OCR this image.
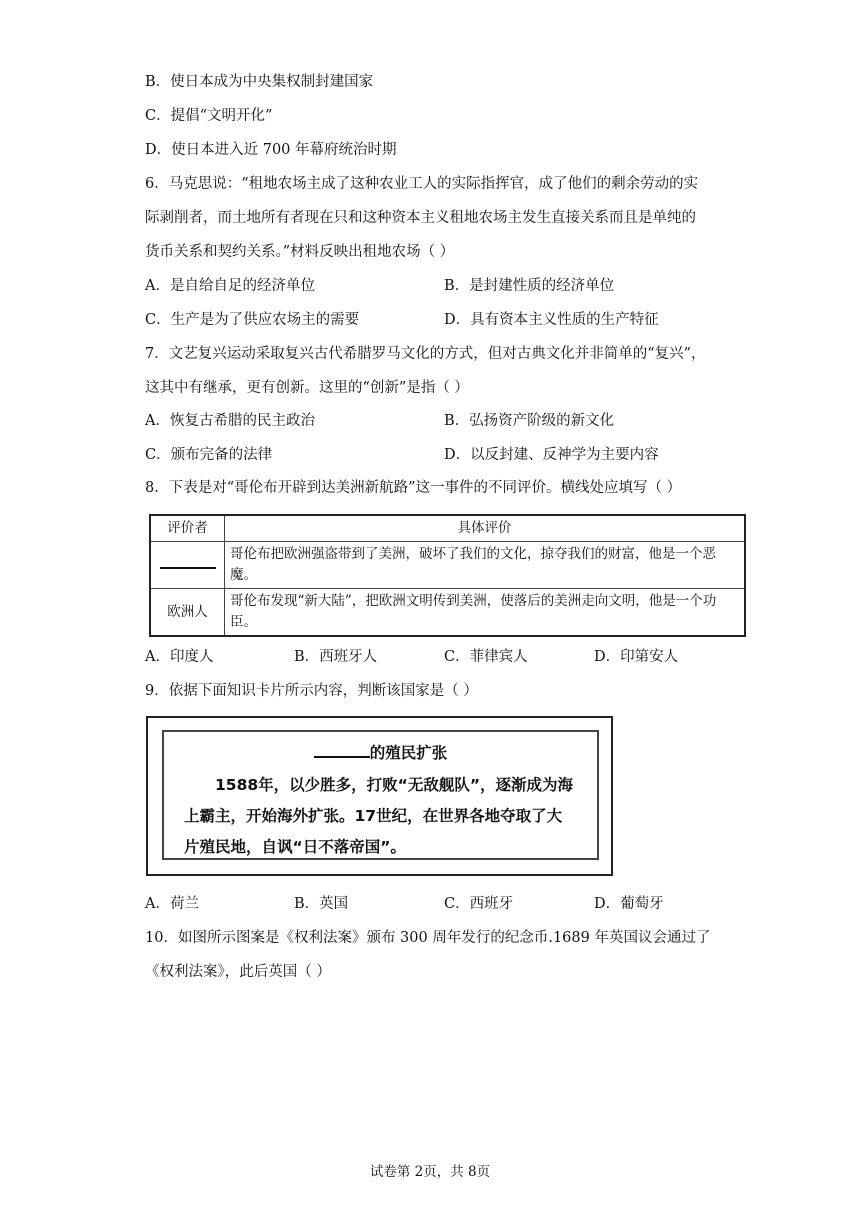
B．使日本成为中央集权制封建国家
C．提倡“文明开化”
D．使日本进入近 700 年幕府统治时期
6．马克思说：“租地农场主成了这种农业工人的实际指挥官，成了他们的剩余劳动的实
际剥削者，而土地所有者现在只和这种资本主义租地农场主发生直接关系而且是单纯的
货币关系和契约关系。”材料反映出租地农场（ ）
A．是自给自足的经济单位	B．是封建性质的经济单位
C．生产是为了供应农场主的需要	D．具有资本主义性质的生产特征
7．文艺复兴运动采取复兴古代希腊罗马文化的方式，但对古典文化并非简单的“复兴”，
这其中有继承，更有创新。这里的“创新”是指（ ）
A．恢复古希腊的民主政治	B．弘扬资产阶级的新文化
C．颁布完备的法律	D．以反封建、反神学为主要内容
8．下表是对“哥伦布开辟到达美洲新航路”这一事件的不同评价。横线处应填写（ ）
评价者	具体评价
	哥伦布把欧洲强盗带到了美洲，破坏了我们的文化，掠夺我们的财富，他是一个恶魔。
欧洲人	哥伦布发现“新大陆”，把欧洲文明传到美洲，使落后的美洲走向文明，他是一个功臣。
A．印度人	B．西班牙人	C．菲律宾人	D．印第安人
9．依据下面知识卡片所示内容，判断该国家是（ ）
的殖民扩张
1588年，以少胜多，打败“无敌舰队”，逐渐成为海上霸主，开始海外扩张。17世纪，在世界各地夺取了大片殖民地，自讽“日不落帝国”。
A．荷兰	B．英国	C．西班牙	D．葡萄牙
10．如图所示图案是《权利法案》颁布 300 周年发行的纪念币.1689 年英国议会通过了
《权利法案》，此后英国（ ）
试卷第 2页，共 8页
